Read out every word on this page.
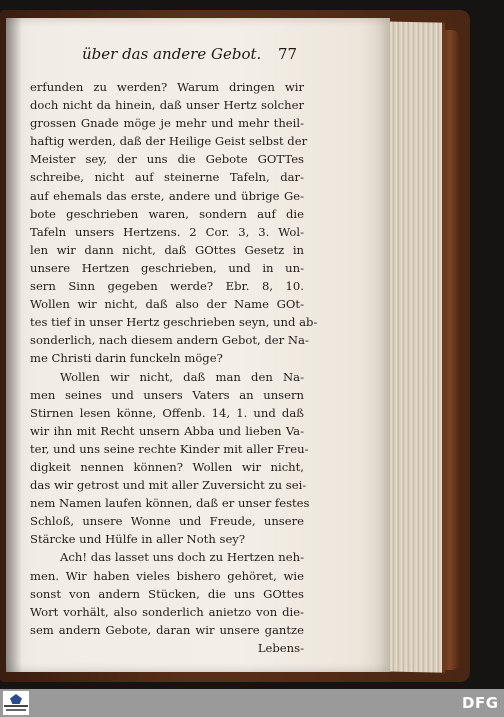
über das andere Gebot. 77
erfunden zu werden? Warum dringen wir
doch nicht da hinein, daß unser Hertz solcher
grossen Gnade möge je mehr und mehr theil-
haftig werden, daß der Heilige Geist selbst der
Meister sey, der uns die Gebote GOTTes
schreibe, nicht auf steinerne Tafeln, dar-
auf ehemals das erste, andere und übrige Ge-
bote geschrieben waren, sondern auf die
Tafeln unsers Hertzens. 2 Cor. 3, 3. Wol-
len wir dann nicht, daß GOttes Gesetz in
unsere Hertzen geschrieben, und in un-
sern Sinn gegeben werde? Ebr. 8, 10.
Wollen wir nicht, daß also der Name GOt-
tes tief in unser Hertz geschrieben seyn, und ab-
sonderlich, nach diesem andern Gebot, der Na-
me Christi darin funckeln möge?
Wollen wir nicht, daß man den Na-
men seines und unsers Vaters an unsern
Stirnen lesen könne, Offenb. 14, 1. und daß
wir ihn mit Recht unsern Abba und lieben Va-
ter, und uns seine rechte Kinder mit aller Freu-
digkeit nennen können? Wollen wir nicht,
das wir getrost und mit aller Zuversicht zu sei-
nem Namen laufen können, daß er unser festes
Schloß, unsere Wonne und Freude, unsere
Stärcke und Hülfe in aller Noth sey?
Ach! das lasset uns doch zu Hertzen neh-
men. Wir haben vieles bishero gehöret, wie
sonst von andern Stücken, die uns GOttes
Wort vorhält, also sonderlich anietzo von die-
sem andern Gebote, daran wir unsere gantze
Lebens-
DFG
